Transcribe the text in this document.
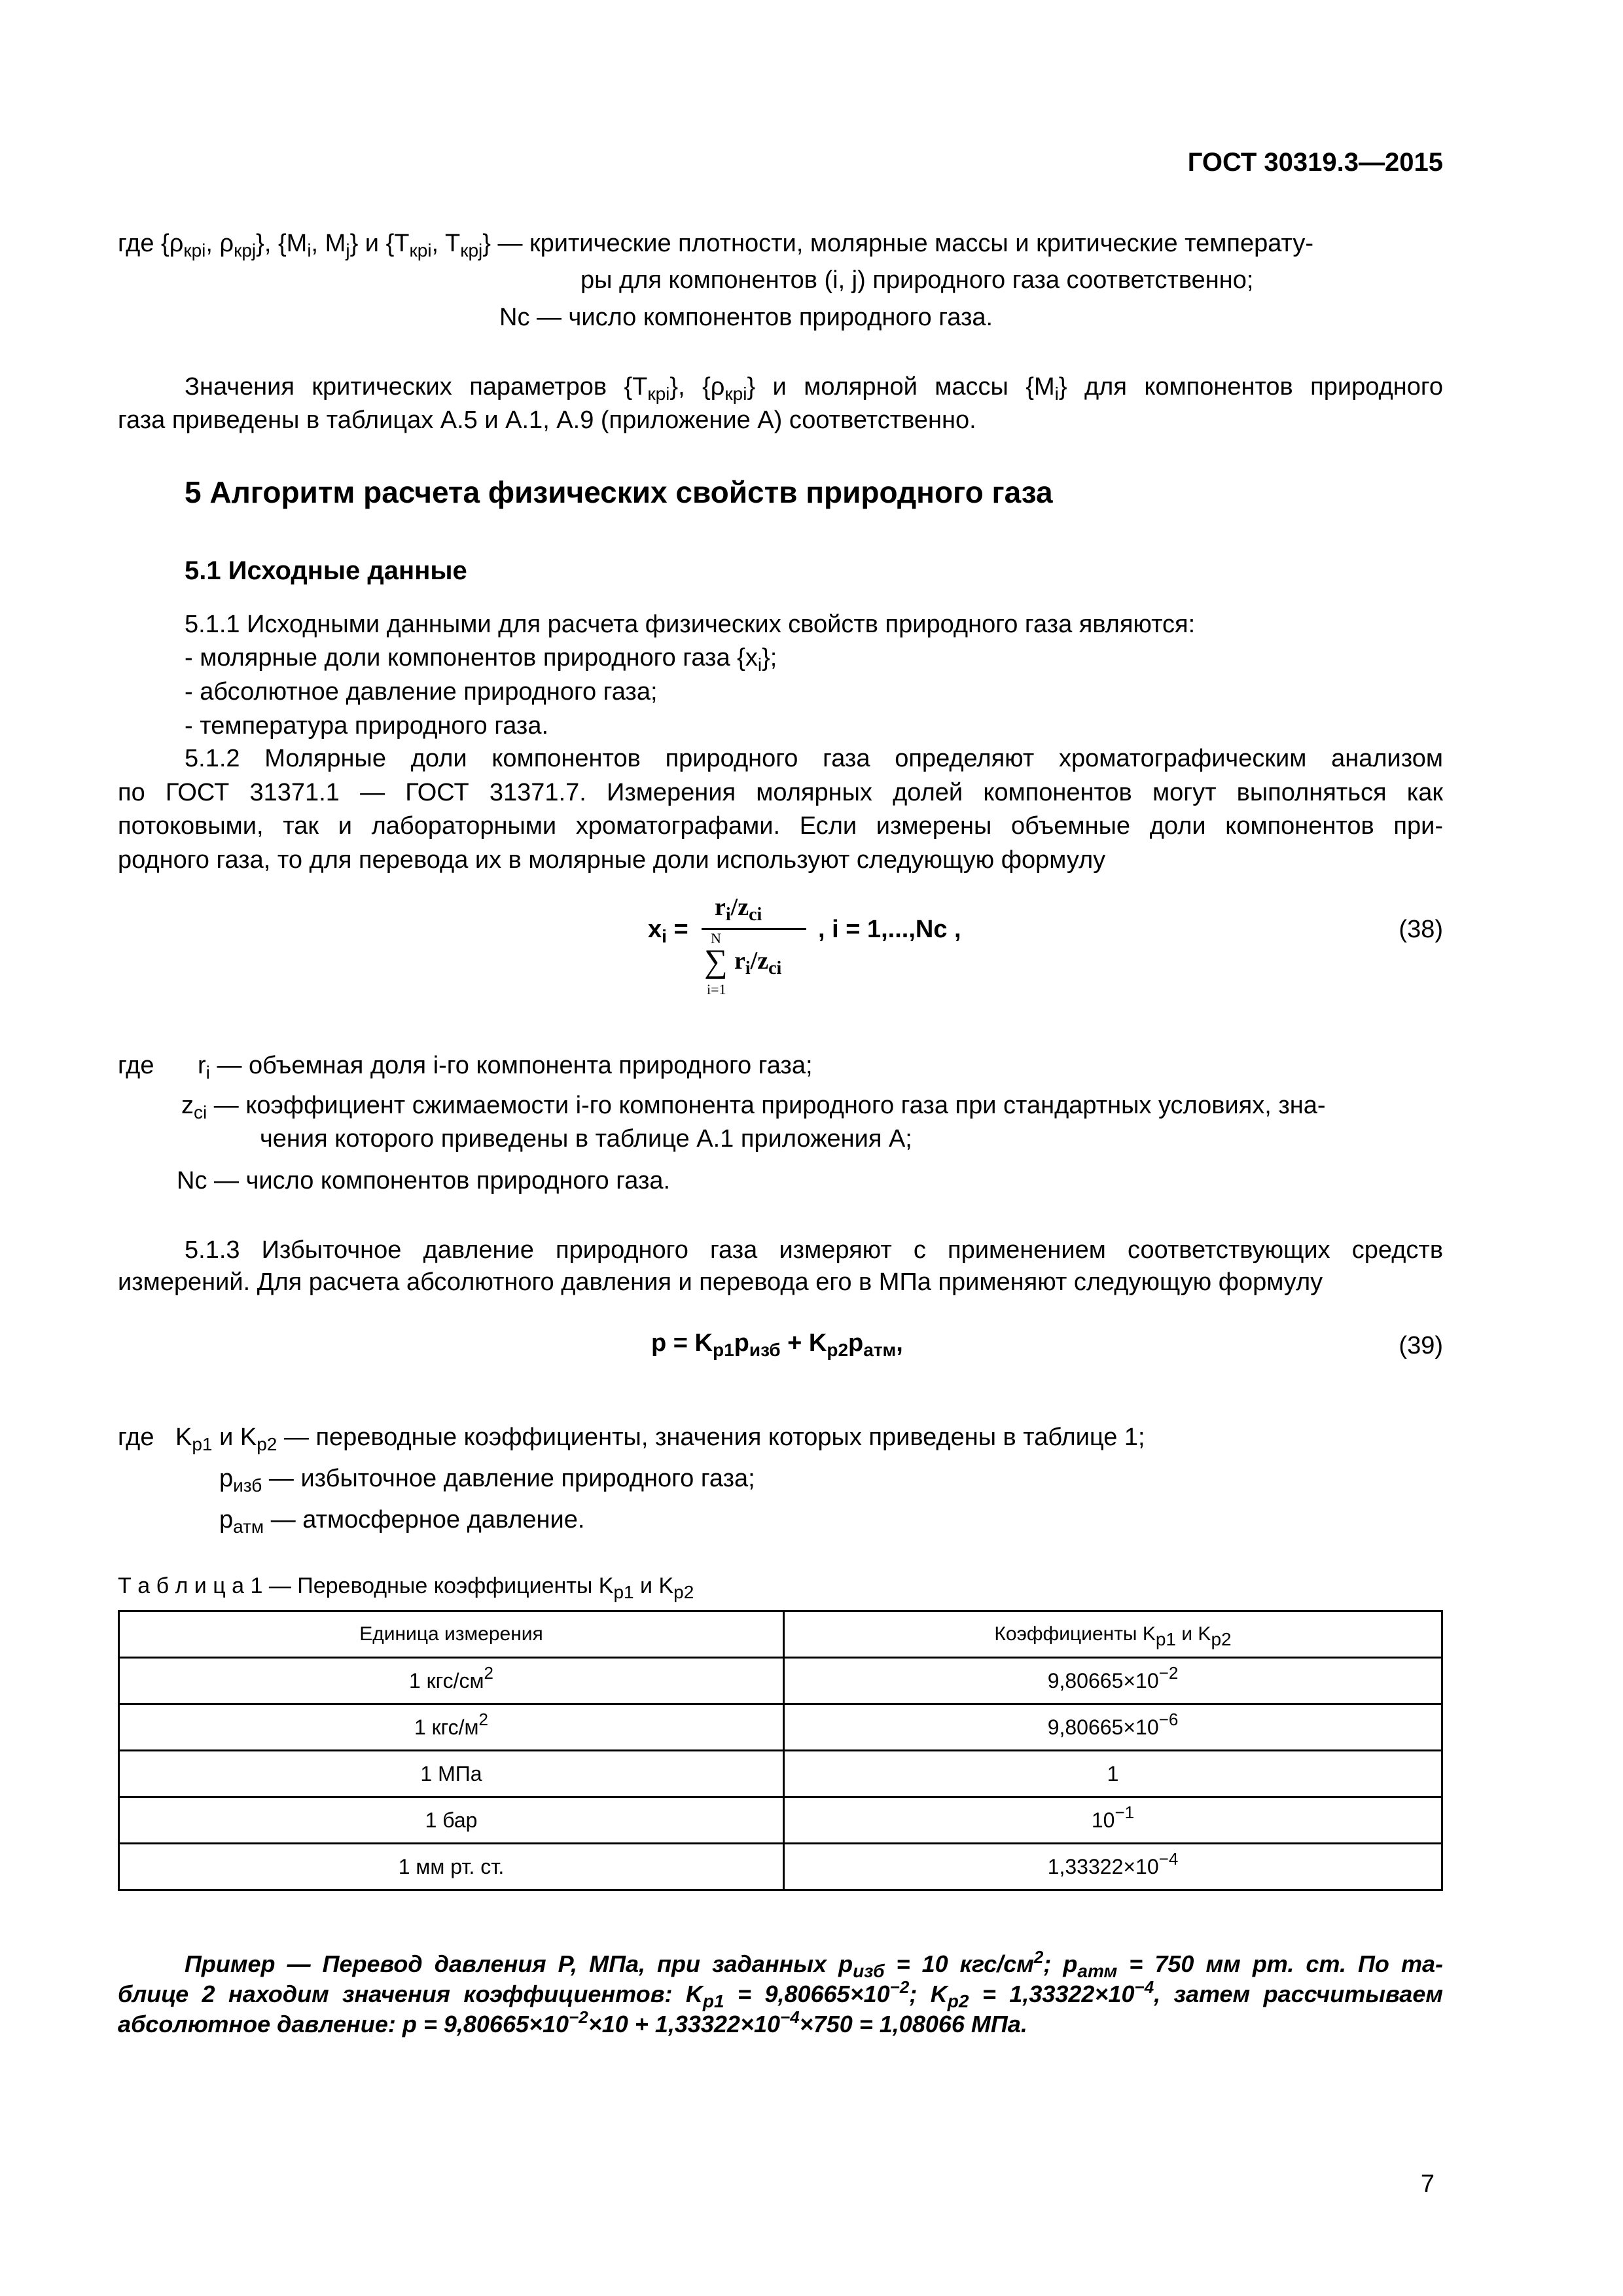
ГОСТ 30319.3—2015
где {$\rho_{кpi}$, $\rho_{кpj}$}, {$M_i$, $M_j$} и {$T_{кpi}$, $T_{кpj}$} — критические плотности, молярные массы и критические температу-
ры для компонентов (i, j) природного газа соответственно;
Nc — число компонентов природного газа.
Значения критических параметров $\{T_{кpi}\}$, $\{\rho_{кpi}\}$ и молярной массы $\{M_i\}$ для компонентов природного
газа приведены в таблицах А.5 и А.1, А.9 (приложение А) соответственно.
5 Алгоритм расчета физических свойств природного газа
5.1 Исходные данные
5.1.1 Исходными данными для расчета физических свойств природного газа являются:
- молярные доли компонентов природного газа $\{x_i\}$;
- абсолютное давление природного газа;
- температура природного газа.
5.1.2 Молярные доли компонентов природного газа определяют хроматографическим анализом
по ГОСТ 31371.1 — ГОСТ 31371.7. Измерения молярных долей компонентов могут выполняться как
потоковыми, так и лабораторными хроматографами. Если измерены объемные доли компонентов при-
родного газа, то для перевода их в молярные доли используют следующую формулу
$x_i$ =
$r_i/z_{ci}$
N
∑ $r_i/z_{ci}$
i=1
, i = 1,...,Nc ,	(38)
где $r_i$ — объемная доля i-го компонента природного газа;
$z_{ci}$ — коэффициент сжимаемости i-го компонента природного газа при стандартных условиях, зна-
чения которого приведены в таблице А.1 приложения А;
Nc — число компонентов природного газа.
5.1.3 Избыточное давление природного газа измеряют с применением соответствующих средств
измерений. Для расчета абсолютного давления и перевода его в МПа применяют следующую формулу
$p = K_{p1}p_{изб} + K_{p2}p_{атм}$,	(39)
где $K_{p1}$ и $K_{p2}$ — переводные коэффициенты, значения которых приведены в таблице 1;
$p_{изб}$ — избыточное давление природного газа;
$p_{атм}$ — атмосферное давление.
Т а б л и ц а 1 — Переводные коэффициенты $K_{p1}$ и $K_{p2}$
Единица измерения	Коэффициенты $K_{p1}$ и $K_{p2}$
1 кгс/$см^2$	$9,80665\times 10^{-2}$
1 кгс/$м^2$	$9,80665\times 10^{-6}$
1 МПа	1
1 бар	$10^{-1}$
1 мм рт. ст.	$1,33322\times 10^{-4}$
Пример — Перевод давления P, МПа, при заданных $p_{изб} = 10$ кгс/$см^2$; $p_{атм} = 750$ мм рт. ст. По та-
блице 2 находим значения коэффициентов: $K_{p1} = 9,80665\times 10^{-2}$; $K_{p2} = 1,33322\times 10^{-4}$, затем рассчитываем
абсолютное давление: $p = 9,80665\times 10^{-2}\times 10 + 1,33322\times 10^{-4}\times 750 = 1,08066$ МПа.
7
